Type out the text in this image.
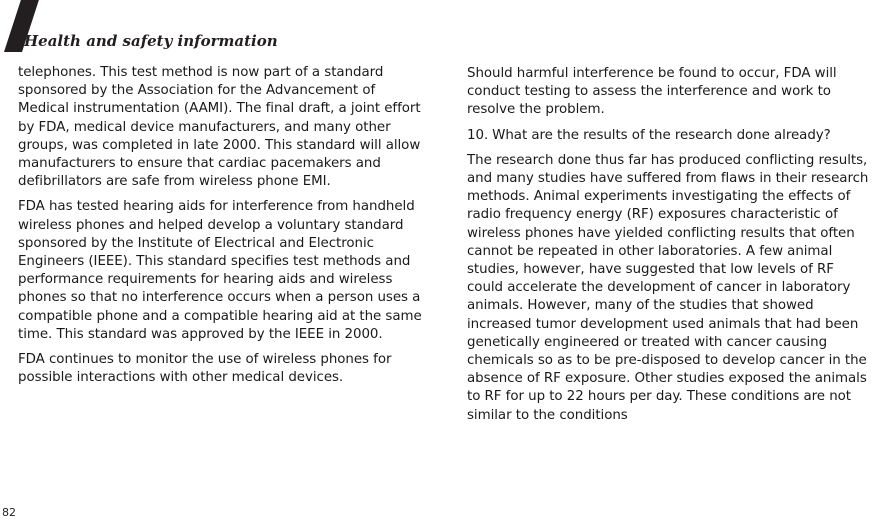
Health and safety information

telephones. This test method is now part of a standard sponsored by the Association for the Advancement of Medical instrumentation (AAMI). The final draft, a joint effort by FDA, medical device manufacturers, and many other groups, was completed in late 2000. This standard will allow manufacturers to ensure that cardiac pacemakers and defibrillators are safe from wireless phone EMI.

FDA has tested hearing aids for interference from handheld wireless phones and helped develop a voluntary standard sponsored by the Institute of Electrical and Electronic Engineers (IEEE). This standard specifies test methods and performance requirements for hearing aids and wireless phones so that no interference occurs when a person uses a compatible phone and a compatible hearing aid at the same time. This standard was approved by the IEEE in 2000.

FDA continues to monitor the use of wireless phones for possible interactions with other medical devices.

Should harmful interference be found to occur, FDA will conduct testing to assess the interference and work to resolve the problem.

10. What are the results of the research done already?

The research done thus far has produced conflicting results, and many studies have suffered from flaws in their research methods. Animal experiments investigating the effects of radio frequency energy (RF) exposures characteristic of wireless phones have yielded conflicting results that often cannot be repeated in other laboratories. A few animal studies, however, have suggested that low levels of RF could accelerate the development of cancer in laboratory animals. However, many of the studies that showed increased tumor development used animals that had been genetically engineered or treated with cancer causing chemicals so as to be pre-disposed to develop cancer in the absence of RF exposure. Other studies exposed the animals to RF for up to 22 hours per day. These conditions are not similar to the conditions

82
